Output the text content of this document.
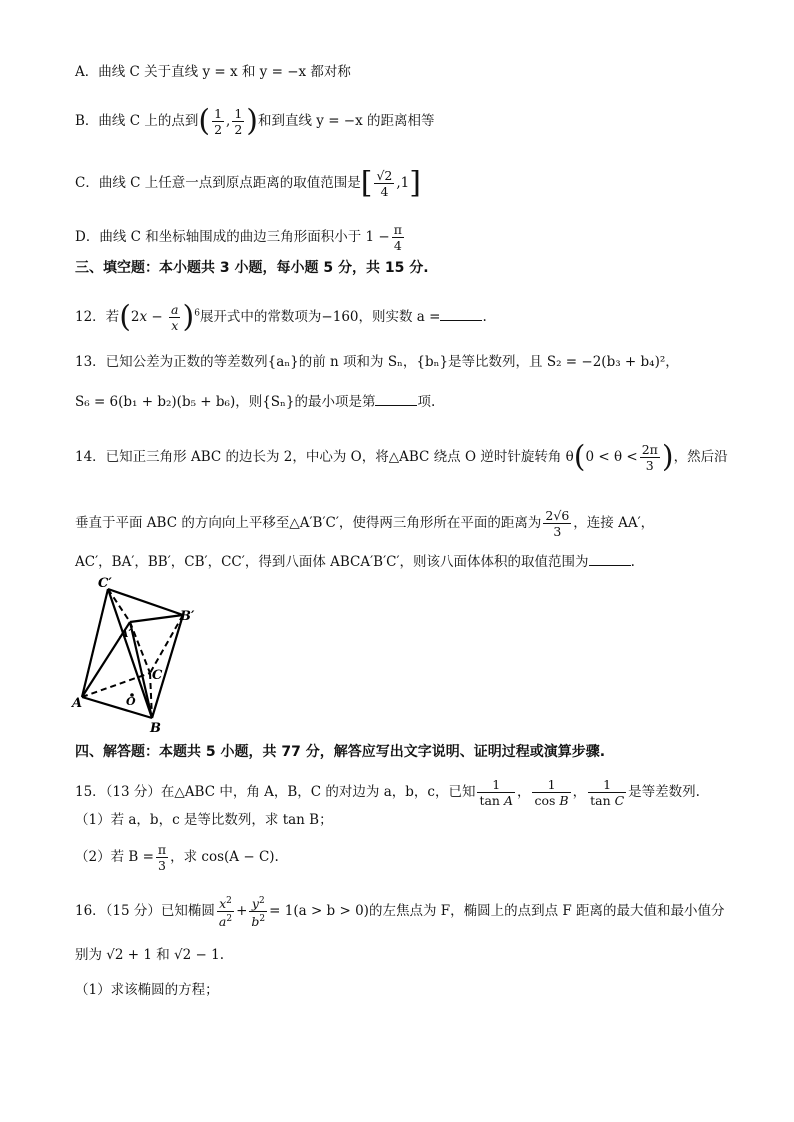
A．曲线 C 关于直线 y = x 和 y = −x 都对称
B．曲线 C 上的点到( $\frac{1}{2}$ , $\frac{1}{2}$ )和到直线 y = −x 的距离相等
C．曲线 C 上任意一点到原点距离的取值范围是[ $\frac{√2}{4} ,1$]
D．曲线 C 和坐标轴围成的曲边三角形面积小于 $1 - \frac{\pi}{4}$
三、填空题：本小题共 3 小题，每小题 5 分，共 15 分.
12．若$(2x - \frac{a}{x} )^6$展开式中的常数项为−160，则实数 a =	.
13．已知公差为正数的等差数列{aₙ}的前 n 项和为 Sₙ，{bₙ}是等比数列，且 S₂ = −2(b₃ + b₄)²，
S₆ = 6(b₁ + b₂)(b₅ + b₆)，则{Sₙ}的最小项是第	项.
14．已知正三角形 ABC 的边长为 2，中心为 O，将△ABC 绕点 O 逆时针旋转角 $\theta(0 < \theta < \frac{2\pi}{3}$ )，然后沿
垂直于平面 ABC 的方向向上平移至△A′B′C′，使得两三角形所在平面的距离为 $\frac{2√6}{3}$ ，连接 AA′，
AC′，BA′，BB′，CB′，CC′，得到八面体 ABCA′B′C′，则该八面体体积的取值范围为	.
C′
B′
A′
C
O
A
B
四、解答题：本题共 5 小题，共 77 分，解答应写出文字说明、证明过程或演算步骤.
15．（13 分）在△ABC 中，角 A，B，C 的对边为 a，b，c，已知 $\frac{1}{\text{tan A}}$ ， $\frac{1}{\text{cos B}}$ ， $\frac{1}{\text{tan C}}$ 是等差数列.
（1）若 a，b，c 是等比数列，求 tan B；
（2）若 $B = \frac{\pi}{3}$ ，求 cos(A − C).
16．（15 分）已知椭圆 $\frac{x^2}{a^2} + \frac{y^2}{b^2} = 1(a > b > 0)$的左焦点为 F，椭圆上的点到点 F 距离的最大值和最小值分
别为 √2 + 1 和 √2 − 1.
（1）求该椭圆的方程；
